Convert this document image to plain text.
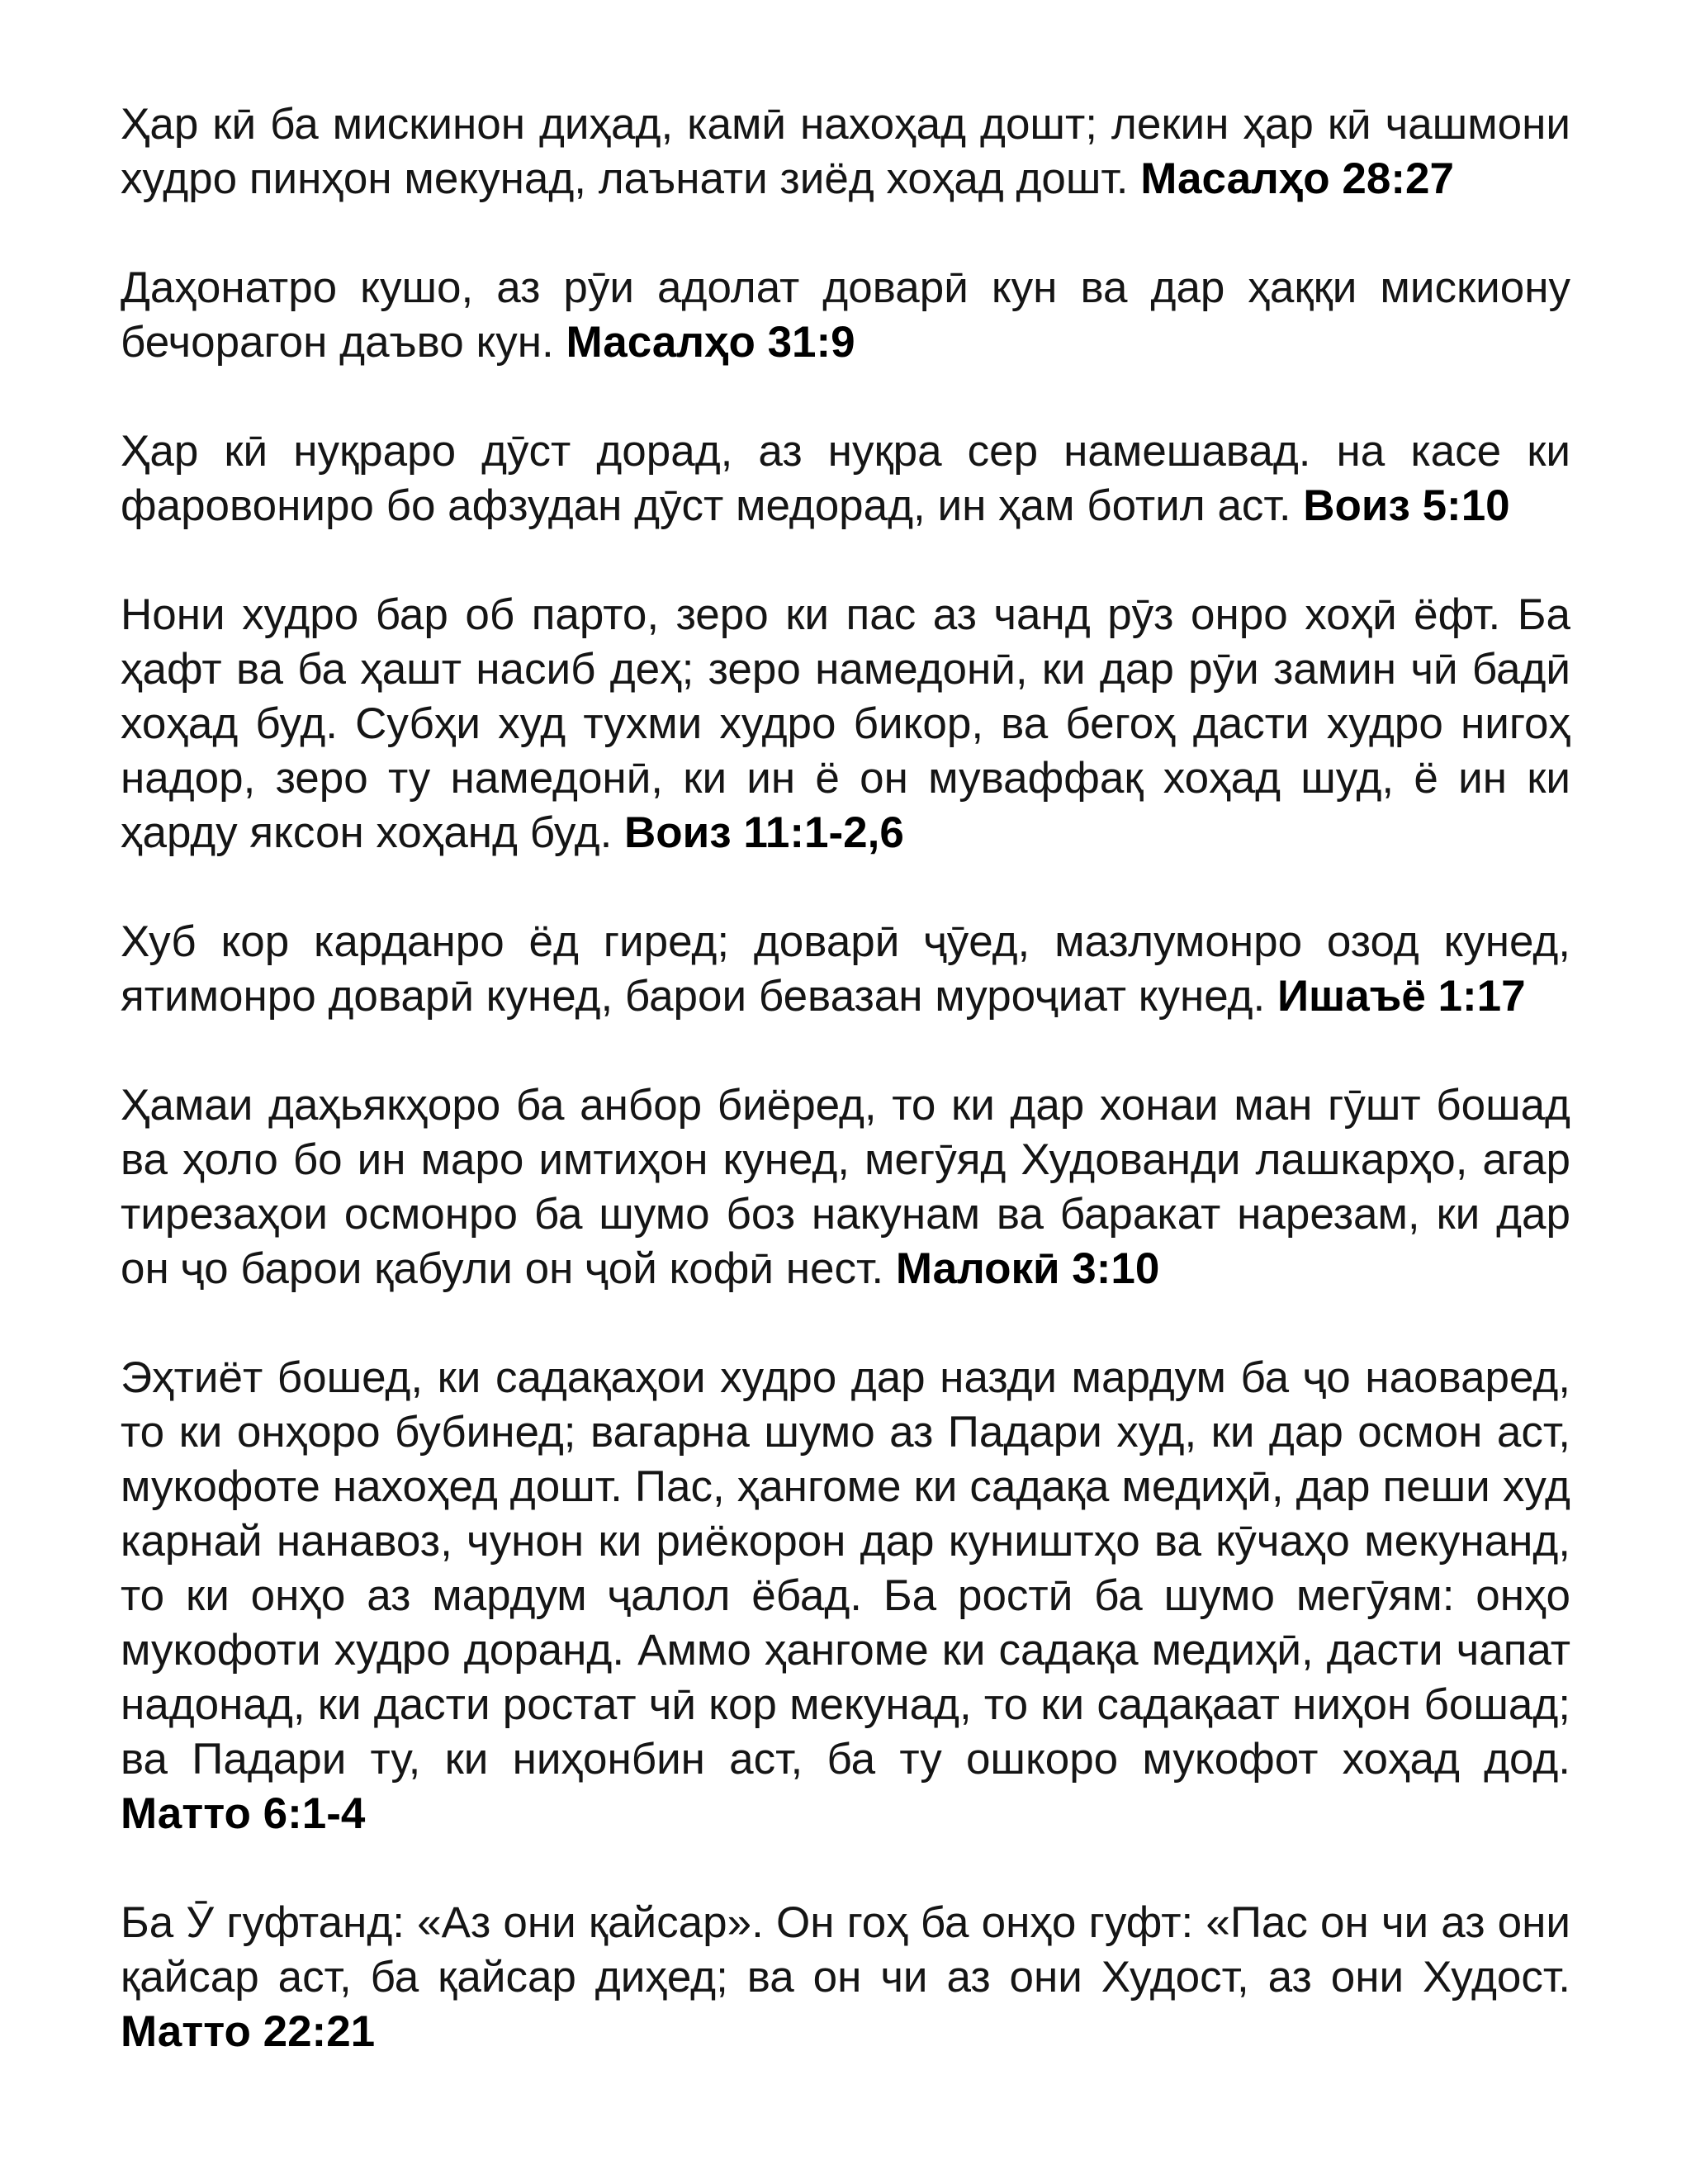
Ҳар кӣ ба мискинон диҳад, камӣ нахоҳад дошт; лекин ҳар кӣ чашмони худро пинҳон мекунад, лаънати зиёд хоҳад дошт. Масалҳо 28:27

Даҳонатро кушо, аз рӯи адолат доварӣ кун ва дар ҳаққи мискиону бечорагон даъво кун. Масалҳо 31:9

Ҳар кӣ нуқраро дӯст дорад, аз нуқра сер намешавад. на касе ки фаровониро бо афзудан дӯст медорад, ин ҳам ботил аст. Воиз 5:10

Нони худро бар об парто, зеро ки пас аз чанд рӯз онро хоҳӣ ёфт. Ба ҳафт ва ба ҳашт насиб деҳ; зеро намедонӣ, ки дар рӯи замин чӣ бадӣ хоҳад буд. Субҳи худ тухми худро бикор, ва бегоҳ дасти худро нигоҳ надор, зеро ту намедонӣ, ки ин ё он муваффақ хоҳад шуд, ё ин ки ҳарду яксон хоҳанд буд. Воиз 11:1-2,6

Хуб кор карданро ёд гиред; доварӣ ҷӯед, мазлумонро озод кунед, ятимонро доварӣ кунед, барои бевазан муроҷиат кунед. Ишаъё 1:17

Ҳамаи даҳьякҳоро ба анбор биёред, то ки дар хонаи ман гӯшт бошад ва ҳоло бо ин маро имтиҳон кунед, мегӯяд Худованди лашкарҳо, агар тирезаҳои осмонро ба шумо боз накунам ва баракат нарезам, ки дар он ҷо барои қабули он ҷой кофӣ нест. Малокӣ 3:10

Эҳтиёт бошед, ки садақаҳои худро дар назди мардум ба ҷо наоваред, то ки онҳоро бубинед; вагарна шумо аз Падари худ, ки дар осмон аст, мукофоте нахоҳед дошт. Пас, ҳангоме ки садақа медиҳӣ, дар пеши худ карнай нанавоз, чунон ки риёкорон дар куништҳо ва кӯчаҳо мекунанд, то ки онҳо аз мардум ҷалол ёбад. Ба ростӣ ба шумо мегӯям: онҳо мукофоти худро доранд. Аммо ҳангоме ки садақа медиҳӣ, дасти чапат надонад, ки дасти ростат чӣ кор мекунад, то ки садақаат ниҳон бошад; ва Падари ту, ки ниҳонбин аст, ба ту ошкоро мукофот хоҳад дод. Матто 6:1-4

Ба Ӯ гуфтанд: «Аз они қайсар». Он гоҳ ба онҳо гуфт: «Пас он чи аз они қайсар аст, ба қайсар диҳед; ва он чи аз они Худост, аз они Худост. Матто 22:21
